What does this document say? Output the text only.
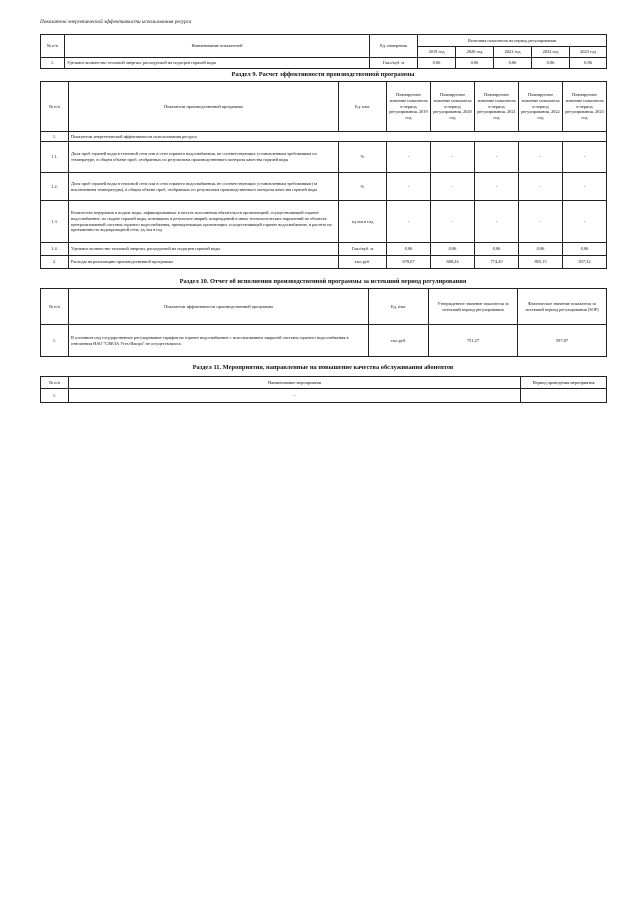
Показатели энергетической эффективности использования ресурса
№ п/п	Наименование показателей	Ед. измерения	Величина показателя на период регулирования				
			2019 год	2020 год	2021 год	2022 год	2023 год
1.	Удельное количество тепловой энергии, расходуемой на подогрев горячей воды	Гкал/куб. м	0,06	0,06	0,06	0,06	0,06
Раздел 9. Расчет эффективности производственной программы
№ п/п	Показатели производственной программы	Ед. изм.	Планируемое значение показателя в период регулирования, 2019 год	Планируемое значение показателя в период регулирования, 2020 год	Планируемое значение показателя в период регулирования, 2021 год	Планируемое значение показателя в период регулирования, 2022 год	Планируемое значение показателя в период регулирования, 2023 год
1.	Показатели энергетической эффективности использования ресурса						
1.1.	Доля проб горячей воды в тепловой сети или в сети горячего водоснабжения, не соответствующих установленным требованиям по температуре, в общем объеме проб, отобранных по результатам производственного контроля качества горячей воды	%	-	-	-	-	-
1.2.	Доля проб горячей воды в тепловой сети или в сети горячего водоснабжения, не соответствующих установленным требованиям (за исключением температуры), в общем объеме проб, отобранных по результатам производственного контроля качества горячей воды	%	-	-	-	-	-
1.3.	Количество перерывов в подаче воды, зафиксированных в местах исполнения обязательств организацией, осуществляющей горячее водоснабжение, по подаче горячей воды, возникших в результате аварий, повреждений и иных технологических нарушений на объектах централизованной системы горячего водоснабжения, принадлежащих организации, осуществляющей горячее водоснабжение, в расчете на протяженность водопроводной сети, ед./км в год	ед./км в год	-	-	-	-	-
1.4.	Удельное количество тепловой энергии, расходуемой на подогрев горячей воды	Гкал/куб. м	0,06	0,06	0,06	0,06	0,06
2.	Расходы на реализацию производственной программы	тыс.руб.	678,07	688,24	774,20	805,15	837,32
Раздел 10. Отчет об исполнении производственной программы за истекший период регулирования
№ п/п	Показатели эффективности производственной программы	Ед. изм.	Утвержденное значение показателя за истекший период регулирования	Фактическое значение показателя за истекший период регулирования (ЗОР)
1.	В основном под государственное регулирование тарифов на горячее водоснабжение с использованием закрытой системы горячего водоснабжения в отношении НАО "СВЕЗА Усть-Ижора" не осуществлялось	тыс.руб.	751,27	597,87
Раздел 11. Мероприятия, направленные на повышение качества обслуживания абонентов
№ п/п	Наименование мероприятия	Период проведения мероприятия
1.	-	
